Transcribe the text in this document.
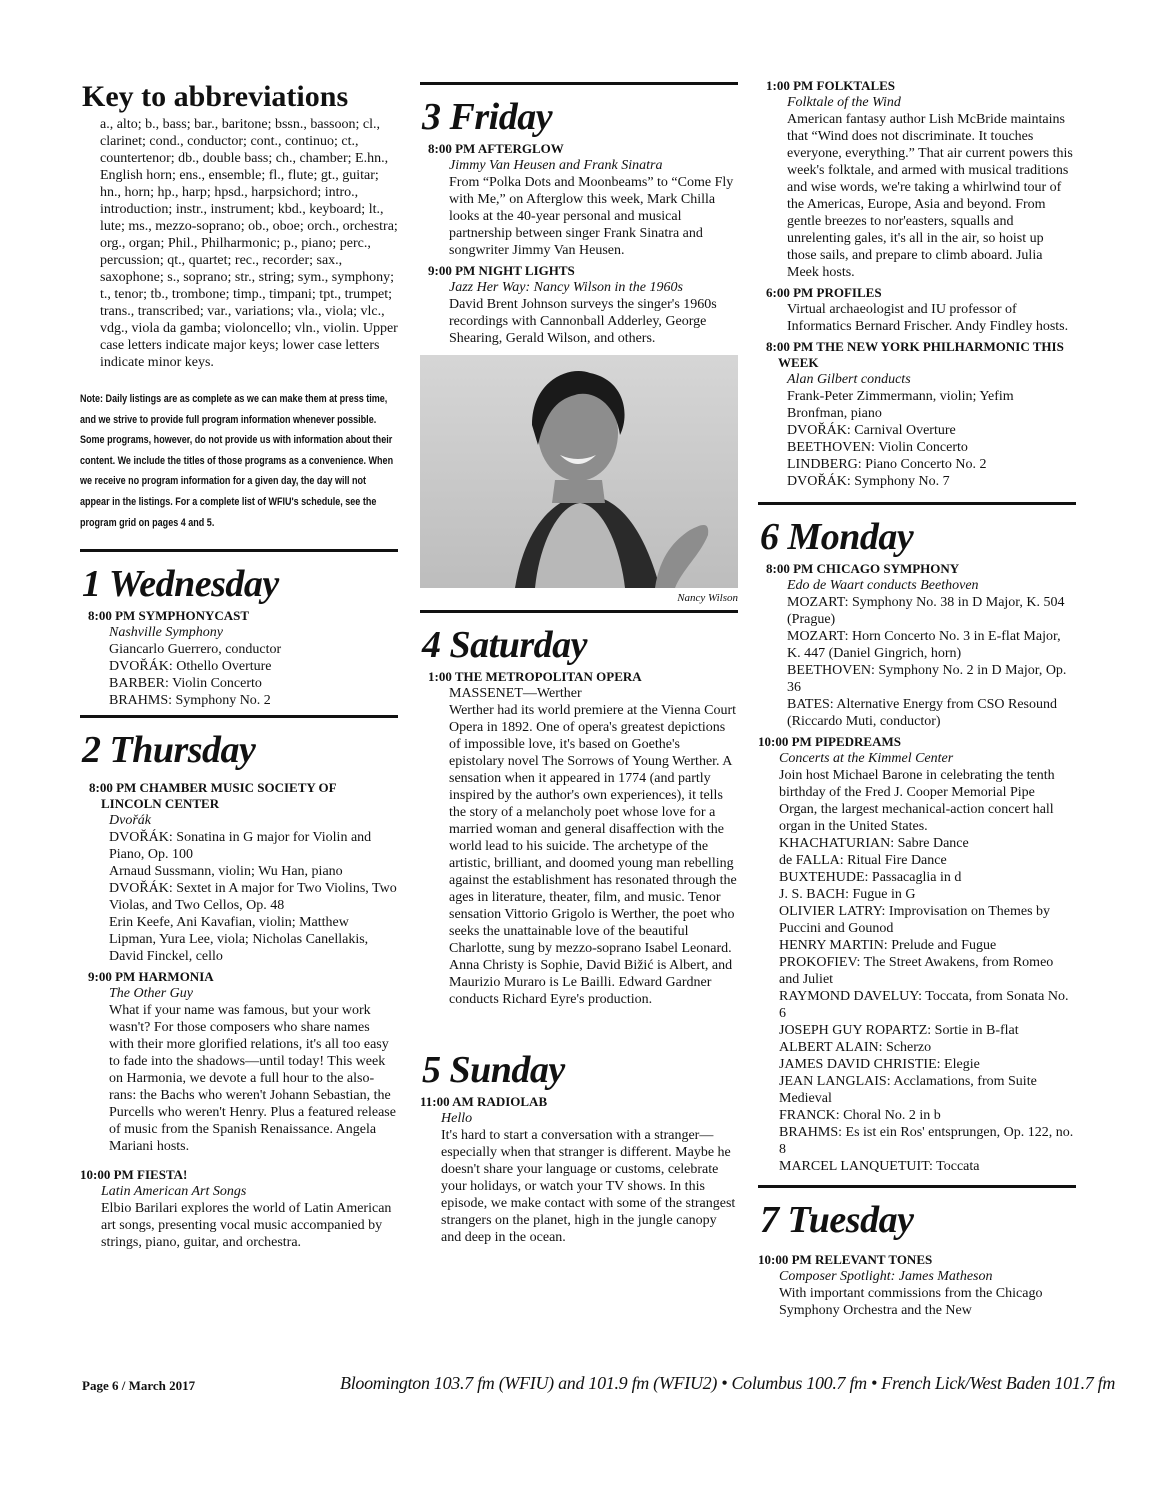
Key to abbreviations
a., alto; b., bass; bar., baritone; bssn., bassoon; cl., clarinet; cond., conductor; cont., continuo; ct., countertenor; db., double bass; ch., chamber; E.hn., English horn; ens., ensemble; fl., flute; gt., guitar; hn., horn; hp., harp; hpsd., harpsichord; intro., introduction; instr., instrument; kbd., keyboard; lt., lute; ms., mezzo-soprano; ob., oboe; orch., orchestra; org., organ; Phil., Philharmonic; p., piano; perc., percussion; qt., quartet; rec., recorder; sax., saxophone; s., soprano; str., string; sym., symphony; t., tenor; tb., trombone; timp., timpani; tpt., trumpet; trans., transcribed; var., variations; vla., viola; vlc., vdg., viola da gamba; violoncello; vln., violin. Upper case letters indicate major keys; lower case letters indicate minor keys.
Note: Daily listings are as complete as we can make them at press time, and we strive to provide full program information whenever possible. Some programs, however, do not provide us with information about their content. We include the titles of those programs as a convenience. When we receive no program information for a given day, the day will not appear in the listings. For a complete list of WFIU's schedule, see the program grid on pages 4 and 5.
1 Wednesday
8:00 PM SYMPHONYCAST
Nashville Symphony
Giancarlo Guerrero, conductor
DVOŘÁK: Othello Overture
BARBER: Violin Concerto
BRAHMS: Symphony No. 2
2 Thursday
8:00 PM CHAMBER MUSIC SOCIETY OF LINCOLN CENTER
Dvořák
DVOŘÁK: Sonatina in G major for Violin and Piano, Op. 100
Arnaud Sussmann, violin; Wu Han, piano
DVOŘÁK: Sextet in A major for Two Violins, Two Violas, and Two Cellos, Op. 48
Erin Keefe, Ani Kavafian, violin; Matthew Lipman, Yura Lee, viola; Nicholas Canellakis, David Finckel, cello
9:00 PM HARMONIA
The Other Guy
What if your name was famous, but your work wasn't? For those composers who share names with their more glorified relations, it's all too easy to fade into the shadows—until today! This week on Harmonia, we devote a full hour to the also-rans: the Bachs who weren't Johann Sebastian, the Purcells who weren't Henry. Plus a featured release of music from the Spanish Renaissance. Angela Mariani hosts.
10:00 PM FIESTA!
Latin American Art Songs
Elbio Barilari explores the world of Latin American art songs, presenting vocal music accompanied by strings, piano, guitar, and orchestra.
3 Friday
8:00 PM AFTERGLOW
Jimmy Van Heusen and Frank Sinatra
From “Polka Dots and Moonbeams” to “Come Fly with Me,” on Afterglow this week, Mark Chilla looks at the 40-year personal and musical partnership between singer Frank Sinatra and songwriter Jimmy Van Heusen.
9:00 PM NIGHT LIGHTS
Jazz Her Way: Nancy Wilson in the 1960s
David Brent Johnson surveys the singer's 1960s recordings with Cannonball Adderley, George Shearing, Gerald Wilson, and others.
Nancy Wilson
4 Saturday
1:00 THE METROPOLITAN OPERA
MASSENET—Werther
Werther had its world premiere at the Vienna Court Opera in 1892. One of opera's greatest depictions of impossible love, it's based on Goethe's epistolary novel The Sorrows of Young Werther. A sensation when it appeared in 1774 (and partly inspired by the author's own experiences), it tells the story of a melancholy poet whose love for a married woman and general disaffection with the world lead to his suicide. The archetype of the artistic, brilliant, and doomed young man rebelling against the establishment has resonated through the ages in literature, theater, film, and music. Tenor sensation Vittorio Grigolo is Werther, the poet who seeks the unattainable love of the beautiful Charlotte, sung by mezzo-soprano Isabel Leonard. Anna Christy is Sophie, David Bižić is Albert, and Maurizio Muraro is Le Bailli. Edward Gardner conducts Richard Eyre's production.
5 Sunday
11:00 AM RADIOLAB
Hello
It's hard to start a conversation with a stranger—especially when that stranger is different. Maybe he doesn't share your language or customs, celebrate your holidays, or watch your TV shows. In this episode, we make contact with some of the strangest strangers on the planet, high in the jungle canopy and deep in the ocean.
1:00 PM FOLKTALES
Folktale of the Wind
American fantasy author Lish McBride maintains that “Wind does not discriminate. It touches everyone, everything.” That air current powers this week's folktale, and armed with musical traditions and wise words, we're taking a whirlwind tour of the Americas, Europe, Asia and beyond. From gentle breezes to nor'easters, squalls and unrelenting gales, it's all in the air, so hoist up those sails, and prepare to climb aboard. Julia Meek hosts.
6:00 PM PROFILES
Virtual archaeologist and IU professor of Informatics Bernard Frischer. Andy Findley hosts.
8:00 PM THE NEW YORK PHILHARMONIC THIS WEEK
Alan Gilbert conducts
Frank-Peter Zimmermann, violin; Yefim Bronfman, piano
DVOŘÁK: Carnival Overture
BEETHOVEN: Violin Concerto
LINDBERG: Piano Concerto No. 2
DVOŘÁK: Symphony No. 7
6 Monday
8:00 PM CHICAGO SYMPHONY
Edo de Waart conducts Beethoven
MOZART: Symphony No. 38 in D Major, K. 504 (Prague)
MOZART: Horn Concerto No. 3 in E-flat Major, K. 447 (Daniel Gingrich, horn)
BEETHOVEN: Symphony No. 2 in D Major, Op. 36
BATES: Alternative Energy from CSO Resound (Riccardo Muti, conductor)
10:00 PM PIPEDREAMS
Concerts at the Kimmel Center
Join host Michael Barone in celebrating the tenth birthday of the Fred J. Cooper Memorial Pipe Organ, the largest mechanical-action concert hall organ in the United States.
KHACHATURIAN: Sabre Dance
de FALLA: Ritual Fire Dance
BUXTEHUDE: Passacaglia in d
J. S. BACH: Fugue in G
OLIVIER LATRY: Improvisation on Themes by Puccini and Gounod
HENRY MARTIN: Prelude and Fugue
PROKOFIEV: The Street Awakens, from Romeo and Juliet
RAYMOND DAVELUY: Toccata, from Sonata No. 6
JOSEPH GUY ROPARTZ: Sortie in B-flat
ALBERT ALAIN: Scherzo
JAMES DAVID CHRISTIE: Elegie
JEAN LANGLAIS: Acclamations, from Suite Medieval
FRANCK: Choral No. 2 in b
BRAHMS: Es ist ein Ros' entsprungen, Op. 122, no. 8
MARCEL LANQUETUIT: Toccata
7 Tuesday
10:00 PM RELEVANT TONES
Composer Spotlight: James Matheson
With important commissions from the Chicago Symphony Orchestra and the New
Page 6 / March 2017	Bloomington 103.7 fm (WFIU) and 101.9 fm (WFIU2) • Columbus 100.7 fm • French Lick/West Baden 101.7 fm
